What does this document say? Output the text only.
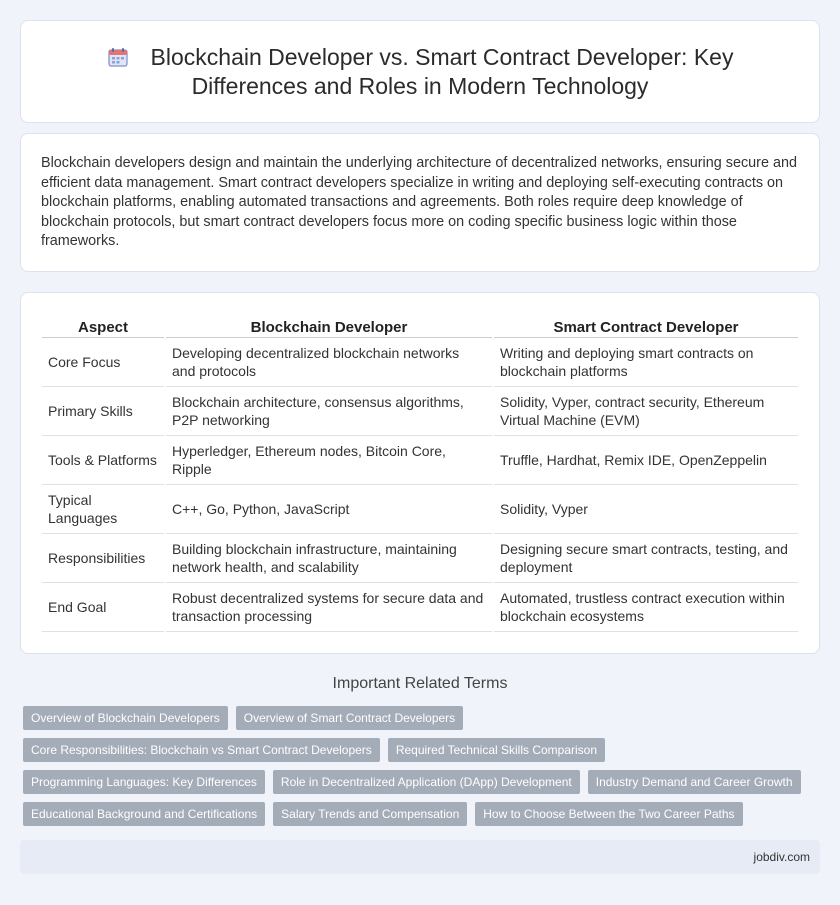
Blockchain Developer vs. Smart Contract Developer: Key
Differences and Roles in Modern Technology

Blockchain developers design and maintain the underlying architecture of decentralized networks, ensuring secure and efficient data management. Smart contract developers specialize in writing and deploying self-executing contracts on blockchain platforms, enabling automated transactions and agreements. Both roles require deep knowledge of blockchain protocols, but smart contract developers focus more on coding specific business logic within those frameworks.

Aspect	Blockchain Developer	Smart Contract Developer
Core Focus	Developing decentralized blockchain networks and protocols	Writing and deploying smart contracts on blockchain platforms
Primary Skills	Blockchain architecture, consensus algorithms, P2P networking	Solidity, Vyper, contract security, Ethereum Virtual Machine (EVM)
Tools & Platforms	Hyperledger, Ethereum nodes, Bitcoin Core, Ripple	Truffle, Hardhat, Remix IDE, OpenZeppelin
Typical Languages	C++, Go, Python, JavaScript	Solidity, Vyper
Responsibilities	Building blockchain infrastructure, maintaining network health, and scalability	Designing secure smart contracts, testing, and deployment
End Goal	Robust decentralized systems for secure data and transaction processing	Automated, trustless contract execution within blockchain ecosystems
Important Related Terms
Overview of Blockchain Developers	Overview of Smart Contract Developers
Core Responsibilities: Blockchain vs Smart Contract Developers	Required Technical Skills Comparison
Programming Languages: Key Differences	Role in Decentralized Application (DApp) Development	Industry Demand and Career Growth
Educational Background and Certifications	Salary Trends and Compensation	How to Choose Between the Two Career Paths
jobdiv.com
